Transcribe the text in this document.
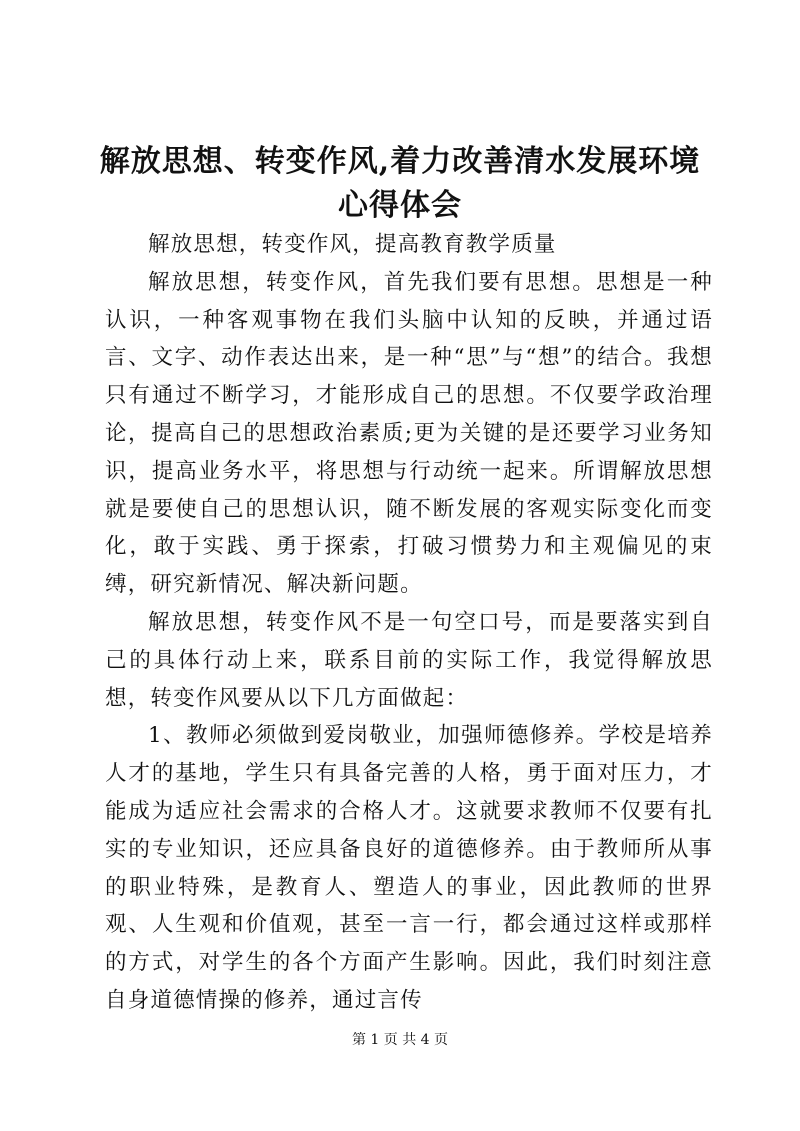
解放思想、转变作风,着力改善清水发展环境
心得体会

解放思想，转变作风，提高教育教学质量

解放思想，转变作风，首先我们要有思想。思想是一种认识，一种客观事物在我们头脑中认知的反映，并通过语言、文字、动作表达出来，是一种“思”与“想”的结合。我想只有通过不断学习，才能形成自己的思想。不仅要学政治理论，提高自己的思想政治素质;更为关键的是还要学习业务知识，提高业务水平，将思想与行动统一起来。所谓解放思想就是要使自己的思想认识，随不断发展的客观实际变化而变化，敢于实践、勇于探索，打破习惯势力和主观偏见的束缚，研究新情况、解决新问题。

解放思想，转变作风不是一句空口号，而是要落实到自己的具体行动上来，联系目前的实际工作，我觉得解放思想，转变作风要从以下几方面做起：

1、教师必须做到爱岗敬业，加强师德修养。学校是培养人才的基地，学生只有具备完善的人格，勇于面对压力，才能成为适应社会需求的合格人才。这就要求教师不仅要有扎实的专业知识，还应具备良好的道德修养。由于教师所从事的职业特殊，是教育人、塑造人的事业，因此教师的世界观、人生观和价值观，甚至一言一行，都会通过这样或那样的方式，对学生的各个方面产生影响。因此，我们时刻注意自身道德情操的修养，通过言传

第 1 页 共 4 页
